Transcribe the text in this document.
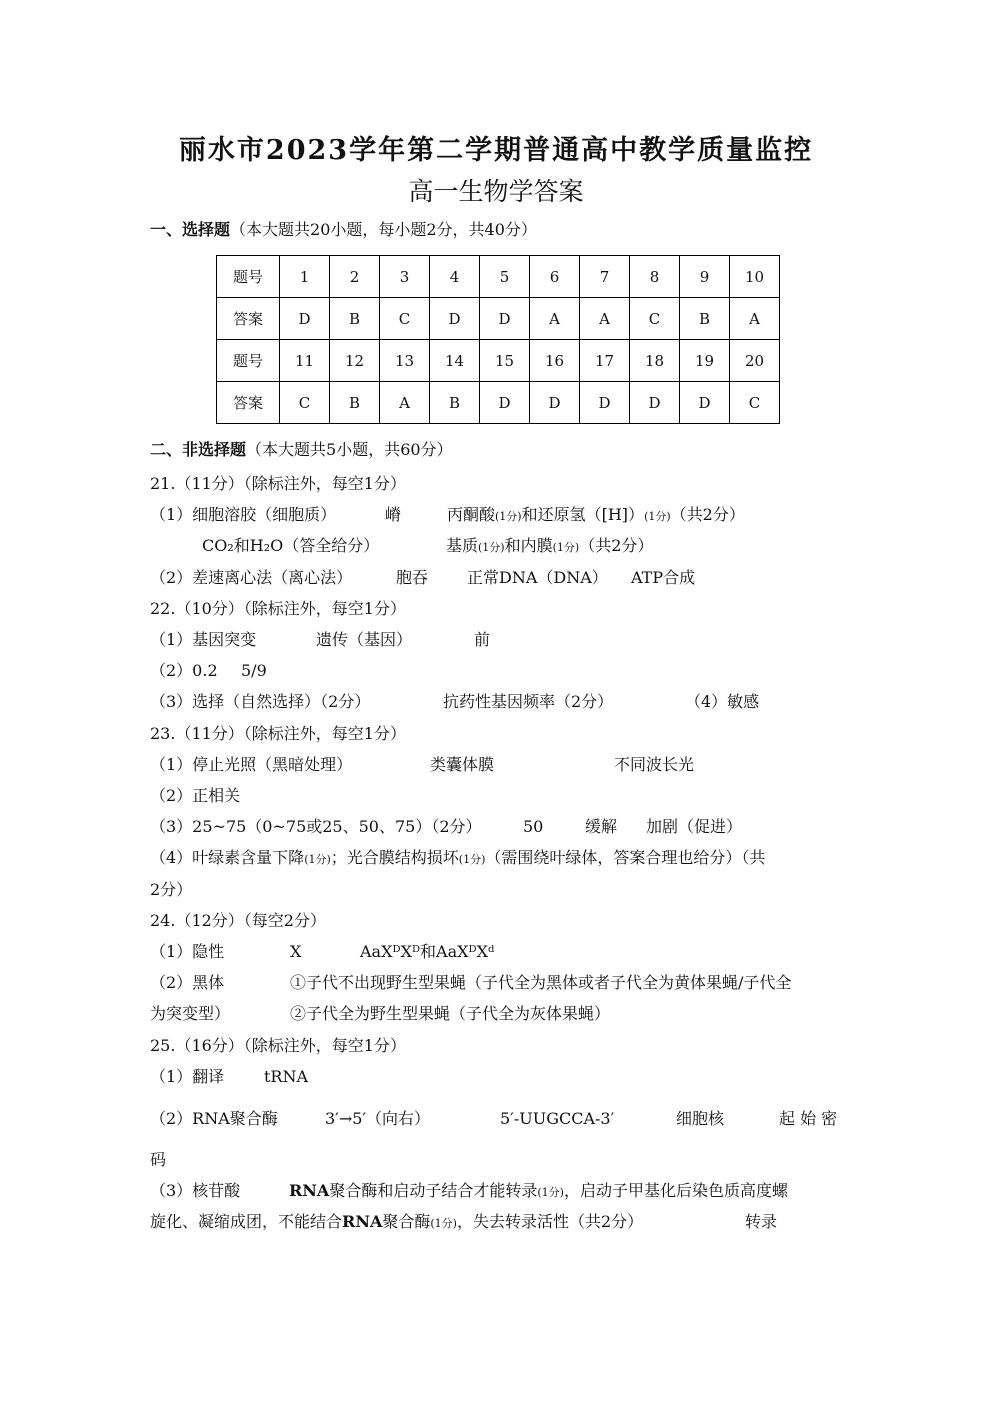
丽水市2023学年第二学期普通高中教学质量监控
高一生物学答案
一、选择题（本大题共20小题，每小题2分，共40分）
题号	1	2	3	4	5	6	7	8	9	10
答案	D	B	C	D	D	A	A	C	B	A
题号	11	12	13	14	15	16	17	18	19	20
答案	C	B	A	B	D	D	D	D	D	C
二、非选择题（本大题共5小题，共60分）
21.（11分）（除标注外，每空1分）
（1）细胞溶胶（细胞质）	嵴	丙酮酸(1分)和还原氢（[H]）(1分)（共2分）
CO₂和H₂O（答全给分）	基质(1分)和内膜(1分)（共2分）
（2）差速离心法（离心法）	胞吞 正常DNA（DNA） ATP合成
22.（10分）（除标注外，每空1分）
（1）基因突变	遗传（基因）	前
（2）0.2 5/9
（3）选择（自然选择）（2分）	抗药性基因频率（2分）	（4）敏感
23.（11分）（除标注外，每空1分）
（1）停止光照（黑暗处理）	类囊体膜	不同波长光
（2）正相关
（3）25~75（0~75或25、50、75）（2分）	50	缓解 加剧（促进）
（4）叶绿素含量下降(1分)；光合膜结构损坏(1分)（需围绕叶绿体，答案合理也给分）（共
2分）
24.（12分）（每空2分）
（1）隐性	X	AaXᴰXᴰ和AaXᴰXᵈ
（2）黑体	①子代不出现野生型果蝇（子代全为黑体或者子代全为黄体果蝇/子代全
为突变型）	②子代全为野生型果蝇（子代全为灰体果蝇）
25.（16分）（除标注外，每空1分）
（1）翻译 tRNA
（2）RNA聚合酶	3′→5′（向右）	5′-UUGCCA-3′	细胞核	起 始 密
码
（3）核苷酸	RNA聚合酶和启动子结合才能转录(1分)，启动子甲基化后染色质高度螺
旋化、凝缩成团，不能结合RNA聚合酶(1分)，失去转录活性（共2分）	转录
